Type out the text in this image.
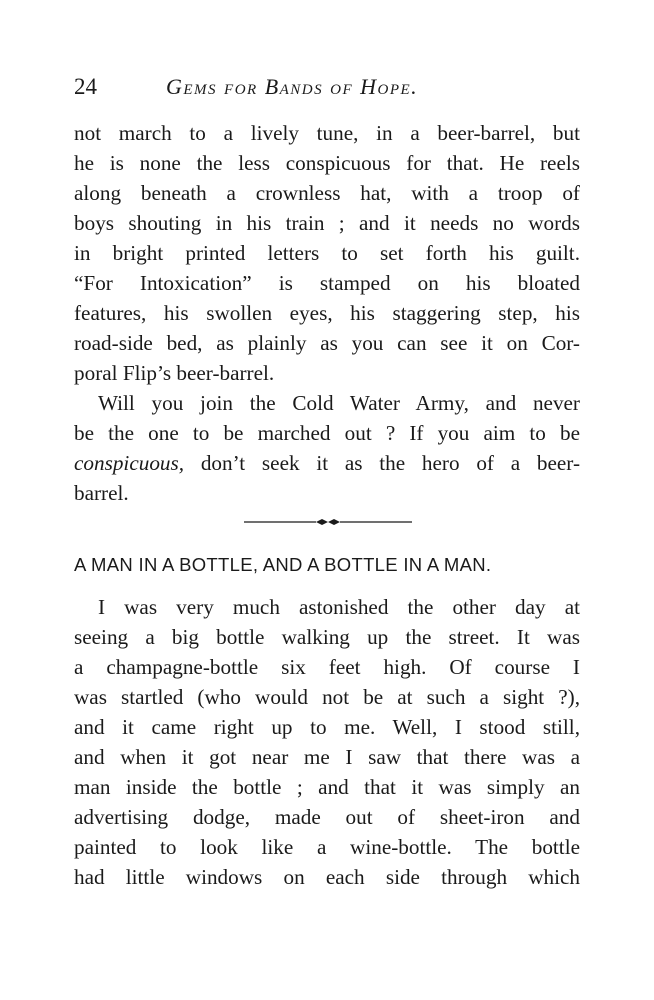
24	Gems for Bands of Hope.
not march to a lively tune, in a beer-barrel, but
he is none the less conspicuous for that. He reels
along beneath a crownless hat, with a troop of
boys shouting in his train ; and it needs no words
in bright printed letters to set forth his guilt.
“For Intoxication” is stamped on his bloated
features, his swollen eyes, his staggering step, his
road-side bed, as plainly as you can see it on Cor-
poral Flip’s beer-barrel.
Will you join the Cold Water Army, and never
be the one to be marched out ? If you aim to be
conspicuous, don’t seek it as the hero of a beer-
barrel.
A MAN IN A BOTTLE, AND A BOTTLE IN A MAN.
I was very much astonished the other day at
seeing a big bottle walking up the street. It was
a champagne-bottle six feet high. Of course I
was startled (who would not be at such a sight ?),
and it came right up to me. Well, I stood still,
and when it got near me I saw that there was a
man inside the bottle ; and that it was simply an
advertising dodge, made out of sheet-iron and
painted to look like a wine-bottle. The bottle
had little windows on each side through which
